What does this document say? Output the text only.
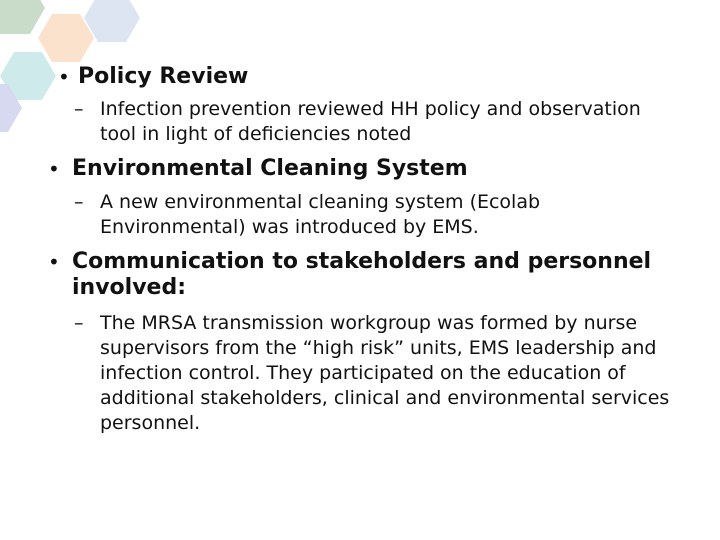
• Policy Review
– Infection prevention reviewed HH policy and observation tool in light of deficiencies noted
• Environmental Cleaning System
– A new environmental cleaning system (Ecolab Environmental) was introduced by EMS.
• Communication to stakeholders and personnel involved:
– The MRSA transmission workgroup was formed by nurse supervisors from the “high risk” units, EMS leadership and infection control. They participated on the education of additional stakeholders, clinical and environmental services personnel.
